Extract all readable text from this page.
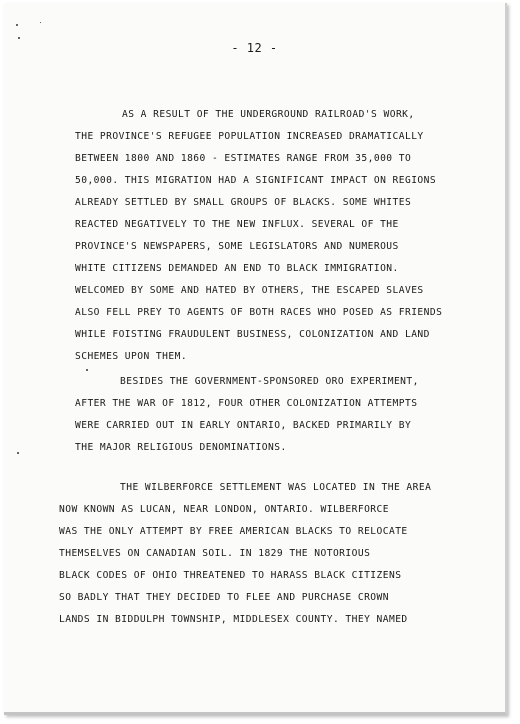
- 12 -
AS A RESULT OF THE UNDERGROUND RAILROAD'S WORK,
THE PROVINCE'S REFUGEE POPULATION INCREASED DRAMATICALLY
BETWEEN 1800 AND 1860 - ESTIMATES RANGE FROM 35,000 TO
50,000. THIS MIGRATION HAD A SIGNIFICANT IMPACT ON REGIONS
ALREADY SETTLED BY SMALL GROUPS OF BLACKS. SOME WHITES
REACTED NEGATIVELY TO THE NEW INFLUX. SEVERAL OF THE
PROVINCE'S NEWSPAPERS, SOME LEGISLATORS AND NUMEROUS
WHITE CITIZENS DEMANDED AN END TO BLACK IMMIGRATION.
WELCOMED BY SOME AND HATED BY OTHERS, THE ESCAPED SLAVES
ALSO FELL PREY TO AGENTS OF BOTH RACES WHO POSED AS FRIENDS
WHILE FOISTING FRAUDULENT BUSINESS, COLONIZATION AND LAND
SCHEMES UPON THEM.
BESIDES THE GOVERNMENT-SPONSORED ORO EXPERIMENT,
AFTER THE WAR OF 1812, FOUR OTHER COLONIZATION ATTEMPTS
WERE CARRIED OUT IN EARLY ONTARIO, BACKED PRIMARILY BY
THE MAJOR RELIGIOUS DENOMINATIONS.
THE WILBERFORCE SETTLEMENT WAS LOCATED IN THE AREA
NOW KNOWN AS LUCAN, NEAR LONDON, ONTARIO. WILBERFORCE
WAS THE ONLY ATTEMPT BY FREE AMERICAN BLACKS TO RELOCATE
THEMSELVES ON CANADIAN SOIL. IN 1829 THE NOTORIOUS
BLACK CODES OF OHIO THREATENED TO HARASS BLACK CITIZENS
SO BADLY THAT THEY DECIDED TO FLEE AND PURCHASE CROWN
LANDS IN BIDDULPH TOWNSHIP, MIDDLESEX COUNTY. THEY NAMED
